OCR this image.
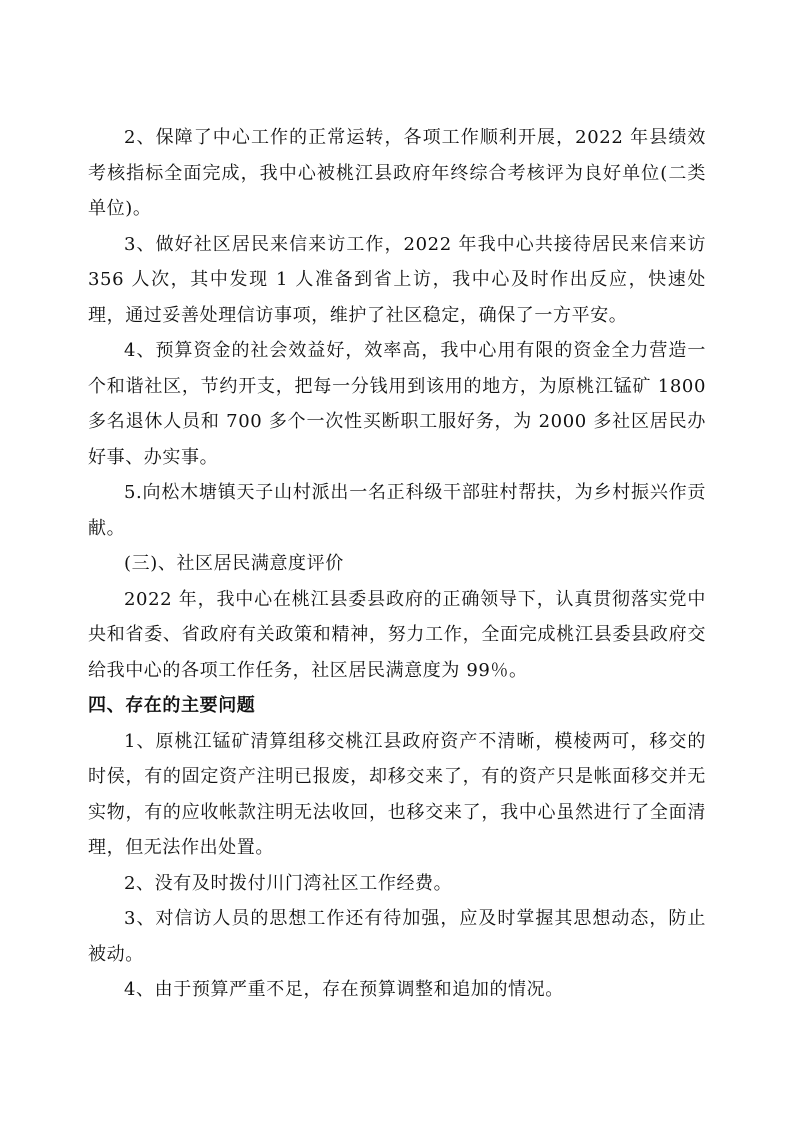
2、保障了中心工作的正常运转，各项工作顺利开展，2022 年县绩效考核指标全面完成，我中心被桃江县政府年终综合考核评为良好单位(二类单位)。

3、做好社区居民来信来访工作，2022 年我中心共接待居民来信来访 356 人次，其中发现 1 人准备到省上访，我中心及时作出反应，快速处理，通过妥善处理信访事项，维护了社区稳定，确保了一方平安。

4、预算资金的社会效益好，效率高，我中心用有限的资金全力营造一个和谐社区，节约开支，把每一分钱用到该用的地方，为原桃江锰矿 1800 多名退休人员和 700 多个一次性买断职工服好务，为 2000 多社区居民办好事、办实事。

5.向松木塘镇天子山村派出一名正科级干部驻村帮扶，为乡村振兴作贡献。

(三)、社区居民满意度评价

2022 年，我中心在桃江县委县政府的正确领导下，认真贯彻落实党中央和省委、省政府有关政策和精神，努力工作，全面完成桃江县委县政府交给我中心的各项工作任务，社区居民满意度为 99％。

四、存在的主要问题

1、原桃江锰矿清算组移交桃江县政府资产不清晰，模棱两可，移交的时侯，有的固定资产注明已报废，却移交来了，有的资产只是帐面移交并无实物，有的应收帐款注明无法收回，也移交来了，我中心虽然进行了全面清理，但无法作出处置。

2、没有及时拨付川门湾社区工作经费。

3、对信访人员的思想工作还有待加强，应及时掌握其思想动态，防止被动。

4、由于预算严重不足，存在预算调整和追加的情况。
